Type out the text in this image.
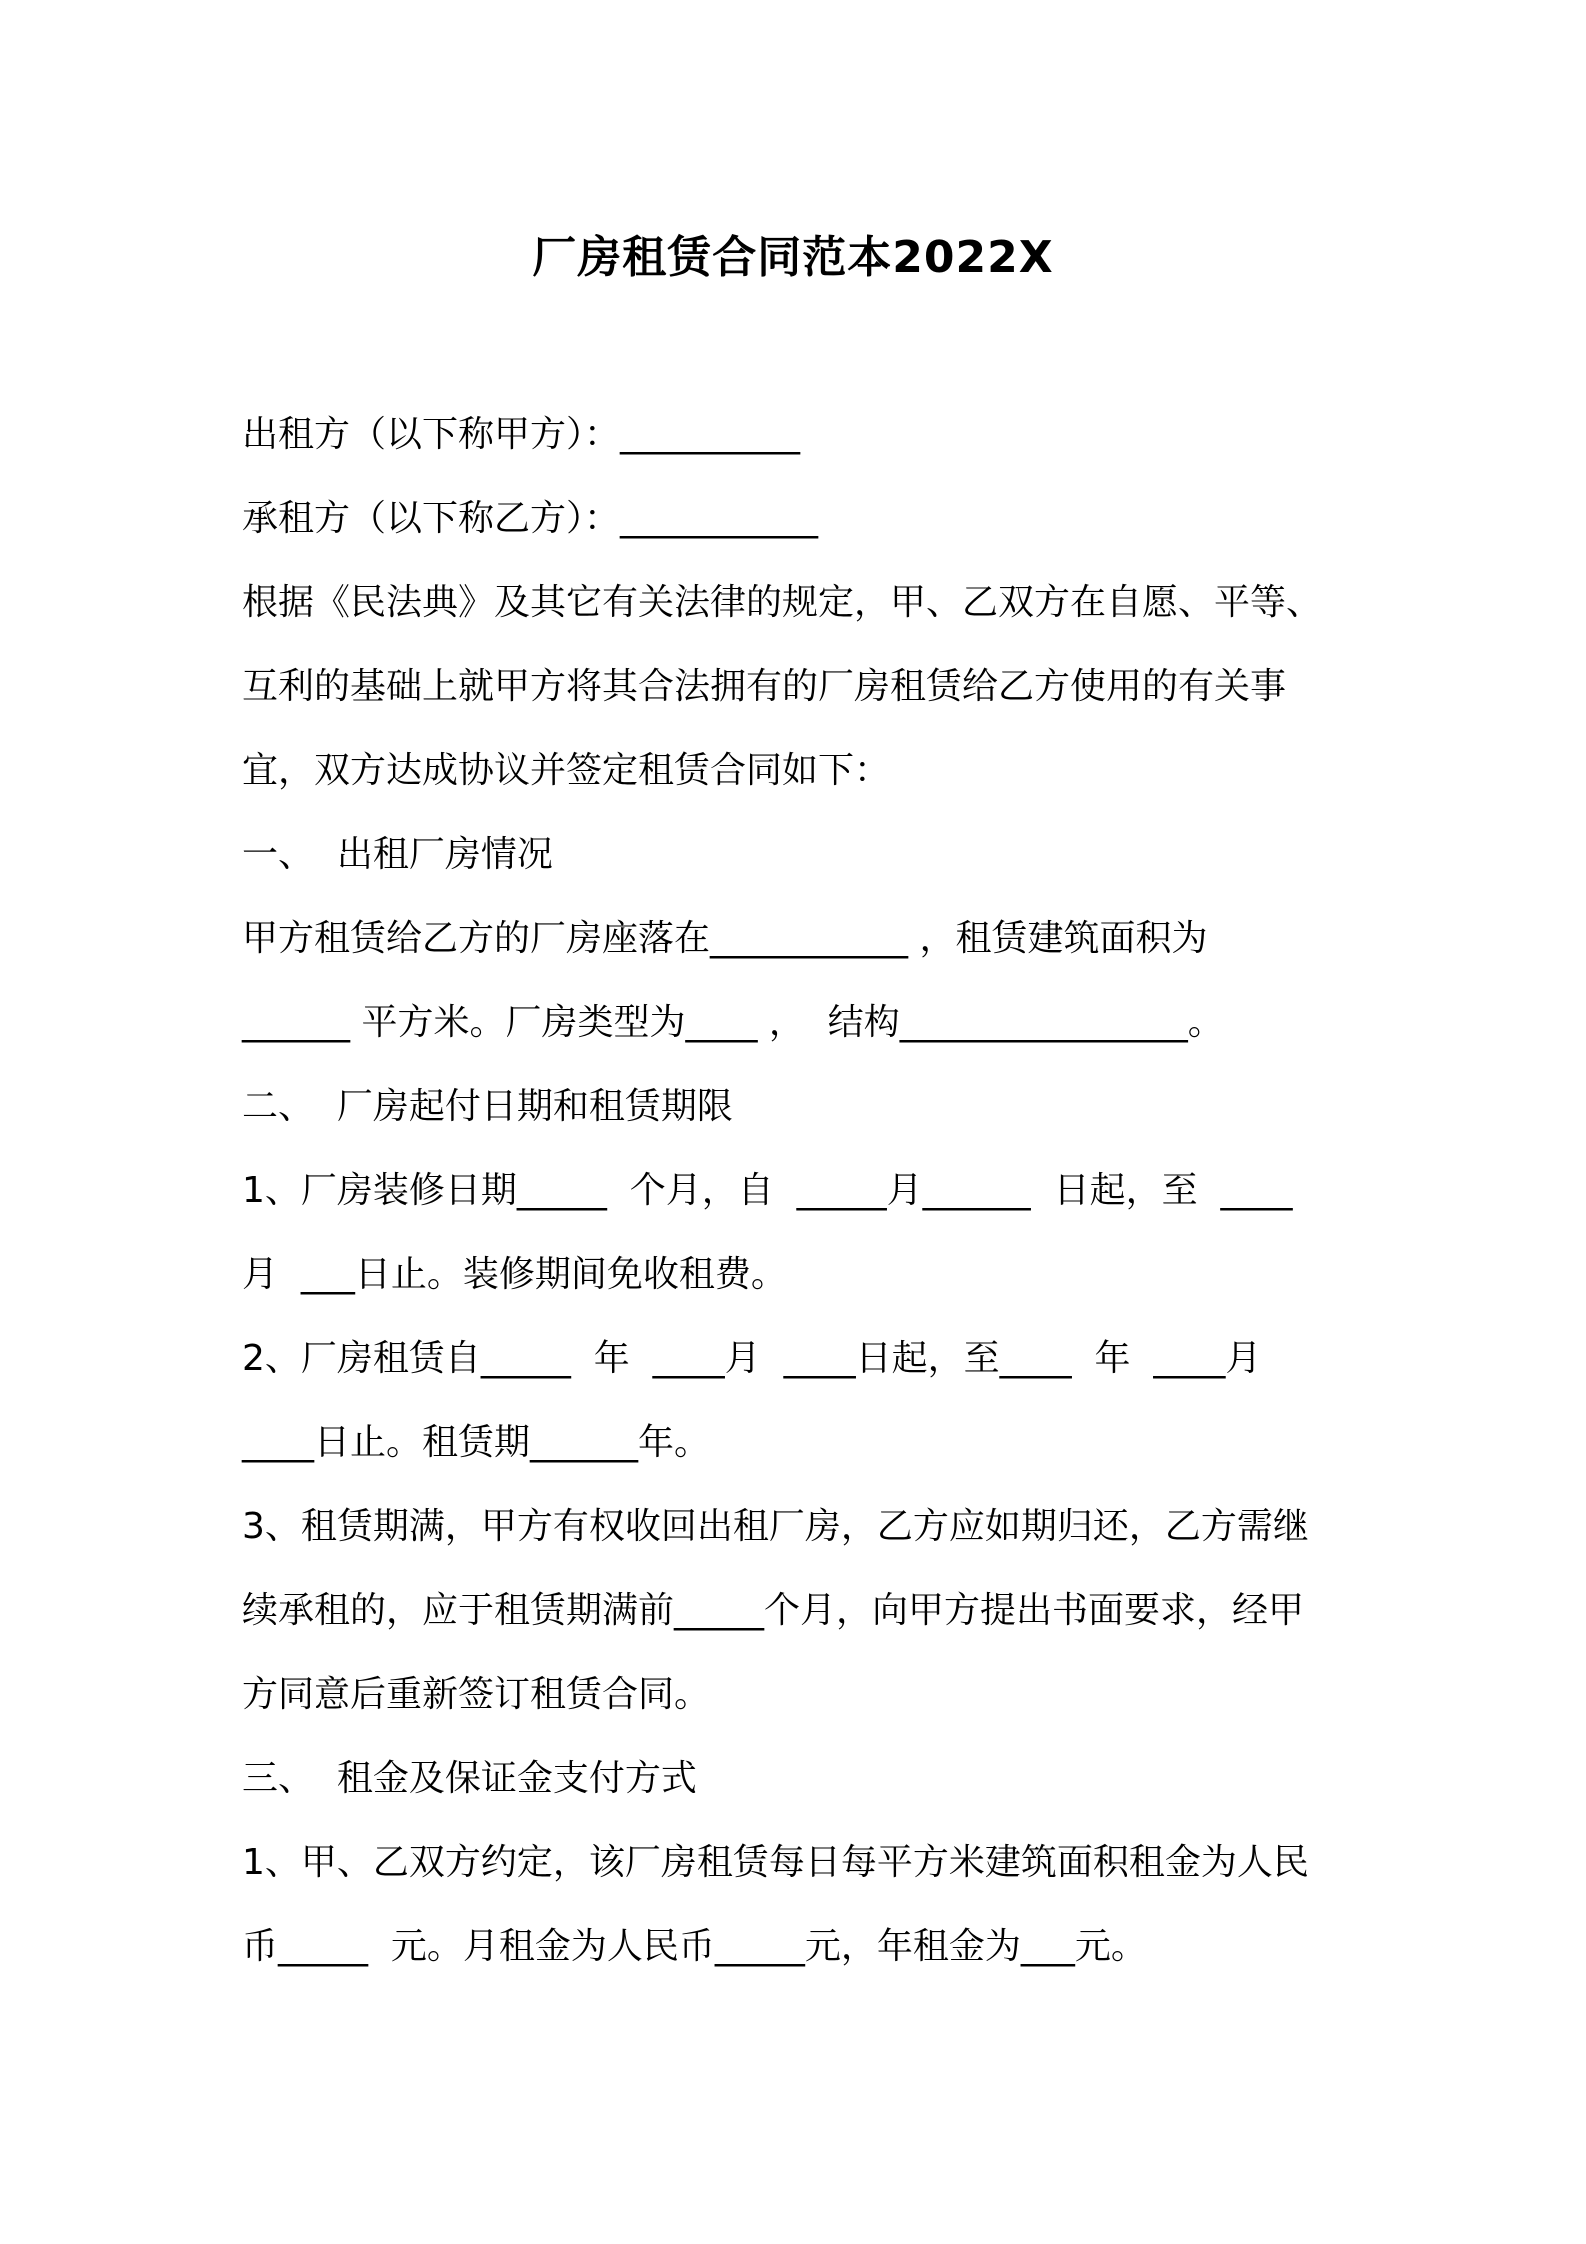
厂房租赁合同范本2022X
出租方（以下称甲方）：__________
承租方（以下称乙方）：___________
根据《民法典》及其它有关法律的规定，甲、乙双方在自愿、平等、
互利的基础上就甲方将其合法拥有的厂房租赁给乙方使用的有关事
宜，双方达成协议并签定租赁合同如下：
一、  出租厂房情况
甲方租赁给乙方的厂房座落在___________ ，租赁建筑面积为
______ 平方米。厂房类型为____ ，  结构________________。
二、  厂房起付日期和租赁期限
1、厂房装修日期_____  个月，自  _____月______  日起，至  ____
月  ___日止。装修期间免收租费。
2、厂房租赁自_____  年  ____月  ____日起，至____  年  ____月
____日止。租赁期______年。
3、租赁期满，甲方有权收回出租厂房，乙方应如期归还，乙方需继
续承租的，应于租赁期满前_____个月，向甲方提出书面要求，经甲
方同意后重新签订租赁合同。
三、  租金及保证金支付方式
1、甲、乙双方约定，该厂房租赁每日每平方米建筑面积租金为人民
币_____  元。月租金为人民币_____元，年租金为___元。
